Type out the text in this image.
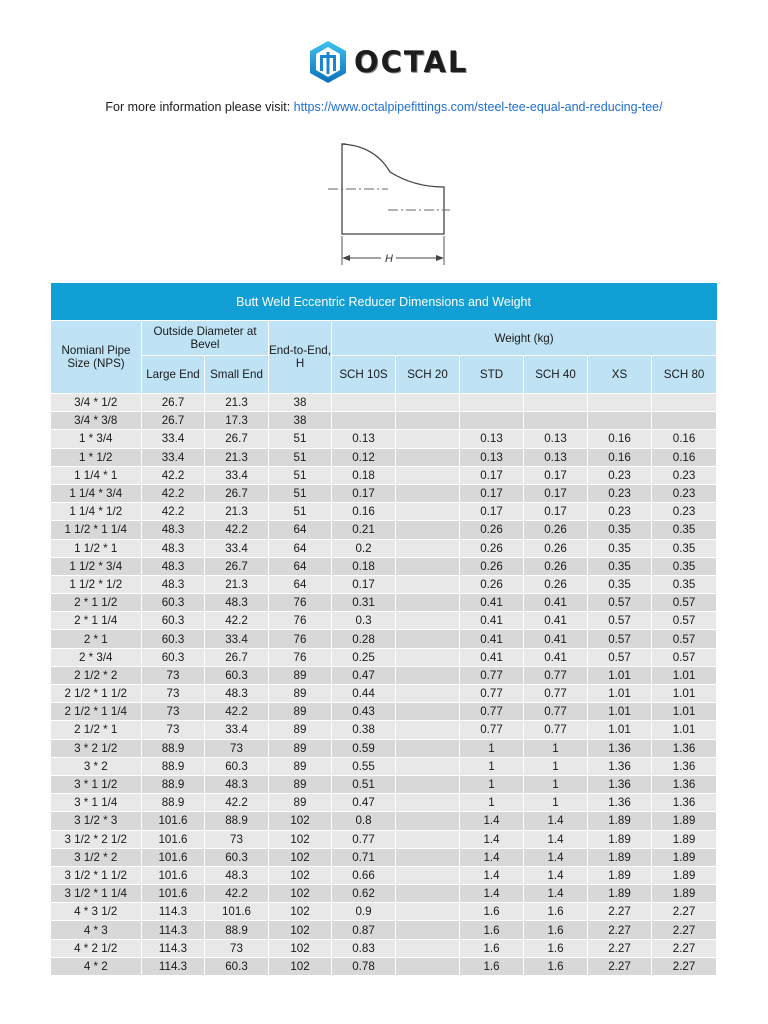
OCTAL
For more information please visit: https://www.octalpipefittings.com/steel-tee-equal-and-reducing-tee/
H
Butt Weld Eccentric Reducer Dimensions and Weight									
Nomianl Pipe Size (NPS)	Outside Diameter at Bevel		End-to-End, H	Weight (kg)					
	Large End	Small End		SCH 10S	SCH 20	STD	SCH 40	XS	SCH 80
3/4 * 1/2	26.7	21.3	38						
3/4 * 3/8	26.7	17.3	38						
1 * 3/4	33.4	26.7	51	0.13		0.13	0.13	0.16	0.16
1 * 1/2	33.4	21.3	51	0.12		0.13	0.13	0.16	0.16
1 1/4 * 1	42.2	33.4	51	0.18		0.17	0.17	0.23	0.23
1 1/4 * 3/4	42.2	26.7	51	0.17		0.17	0.17	0.23	0.23
1 1/4 * 1/2	42.2	21.3	51	0.16		0.17	0.17	0.23	0.23
1 1/2 * 1 1/4	48.3	42.2	64	0.21		0.26	0.26	0.35	0.35
1 1/2 * 1	48.3	33.4	64	0.2		0.26	0.26	0.35	0.35
1 1/2 * 3/4	48.3	26.7	64	0.18		0.26	0.26	0.35	0.35
1 1/2 * 1/2	48.3	21.3	64	0.17		0.26	0.26	0.35	0.35
2 * 1 1/2	60.3	48.3	76	0.31		0.41	0.41	0.57	0.57
2 * 1 1/4	60.3	42.2	76	0.3		0.41	0.41	0.57	0.57
2 * 1	60.3	33.4	76	0.28		0.41	0.41	0.57	0.57
2 * 3/4	60.3	26.7	76	0.25		0.41	0.41	0.57	0.57
2 1/2 * 2	73	60.3	89	0.47		0.77	0.77	1.01	1.01
2 1/2 * 1 1/2	73	48.3	89	0.44		0.77	0.77	1.01	1.01
2 1/2 * 1 1/4	73	42.2	89	0.43		0.77	0.77	1.01	1.01
2 1/2 * 1	73	33.4	89	0.38		0.77	0.77	1.01	1.01
3 * 2 1/2	88.9	73	89	0.59		1	1	1.36	1.36
3 * 2	88.9	60.3	89	0.55		1	1	1.36	1.36
3 * 1 1/2	88.9	48.3	89	0.51		1	1	1.36	1.36
3 * 1 1/4	88.9	42.2	89	0.47		1	1	1.36	1.36
3 1/2 * 3	101.6	88.9	102	0.8		1.4	1.4	1.89	1.89
3 1/2 * 2 1/2	101.6	73	102	0.77		1.4	1.4	1.89	1.89
3 1/2 * 2	101.6	60.3	102	0.71		1.4	1.4	1.89	1.89
3 1/2 * 1 1/2	101.6	48.3	102	0.66		1.4	1.4	1.89	1.89
3 1/2 * 1 1/4	101.6	42.2	102	0.62		1.4	1.4	1.89	1.89
4 * 3 1/2	114.3	101.6	102	0.9		1.6	1.6	2.27	2.27
4 * 3	114.3	88.9	102	0.87		1.6	1.6	2.27	2.27
4 * 2 1/2	114.3	73	102	0.83		1.6	1.6	2.27	2.27
4 * 2	114.3	60.3	102	0.78		1.6	1.6	2.27	2.27
